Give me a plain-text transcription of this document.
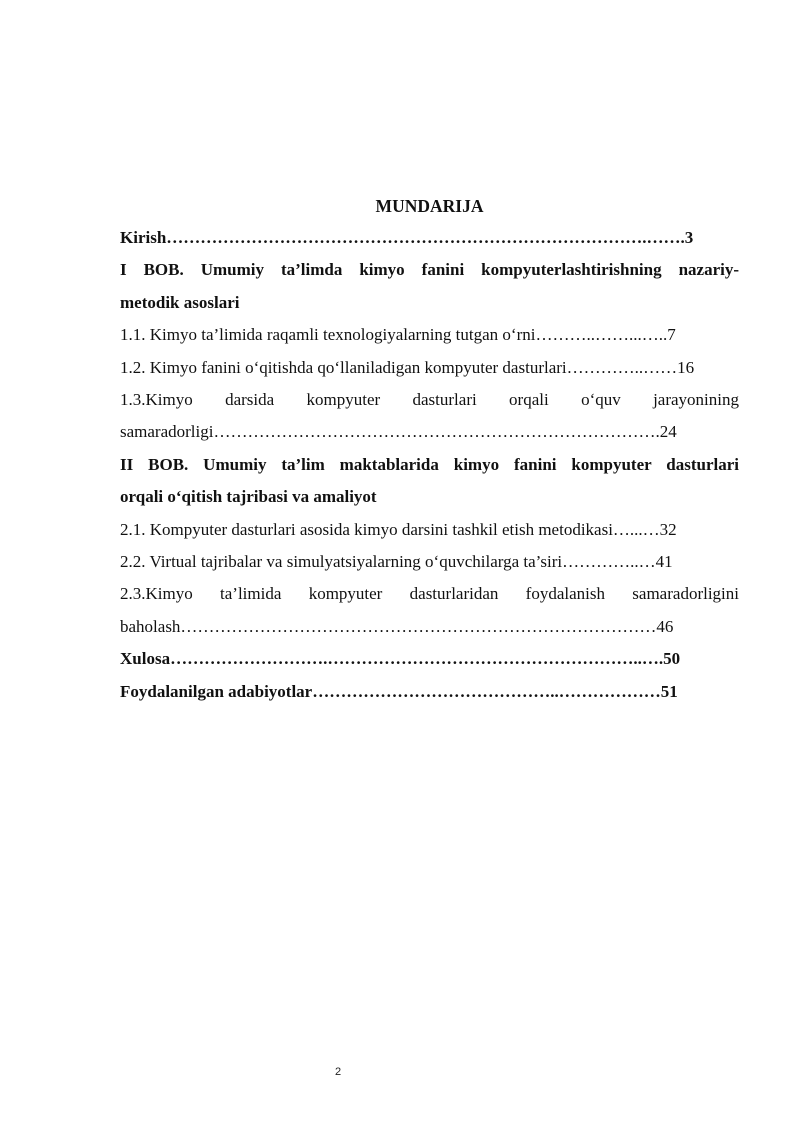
MUNDARIJA
Kirish………………………………………………………………………….…….3
I BOB. Umumiy ta’limda kimyo fanini kompyuterlashtirishning nazariy-
metodik asoslari
1.1. Kimyo ta’limida raqamli texnologiyalarning tutgan o‘rni………..……...…..7
1.2. Kimyo fanini o‘qitishda qo‘llaniladigan kompyuter dasturlari…………..……16
1.3.Kimyo darsida kompyuter dasturlari orqali o‘quv jarayonining
samaradorligi…………………………………………………………………….24
II BOB. Umumiy ta’lim maktablarida kimyo fanini kompyuter dasturlari
orqali o‘qitish tajribasi va amaliyot
2.1. Kompyuter dasturlari asosida kimyo darsini tashkil etish metodikasi…...…32
2.2. Virtual tajribalar va simulyatsiyalarning o‘quvchilarga ta’siri…………..…41
2.3.Kimyo ta’limida kompyuter dasturlaridan foydalanish samaradorligini
baholash…………………………………………………………………………46
Xulosa……………………….………………………………………………..….50
Foydalanilgan adabiyotlar……………………………………..………………51
2
